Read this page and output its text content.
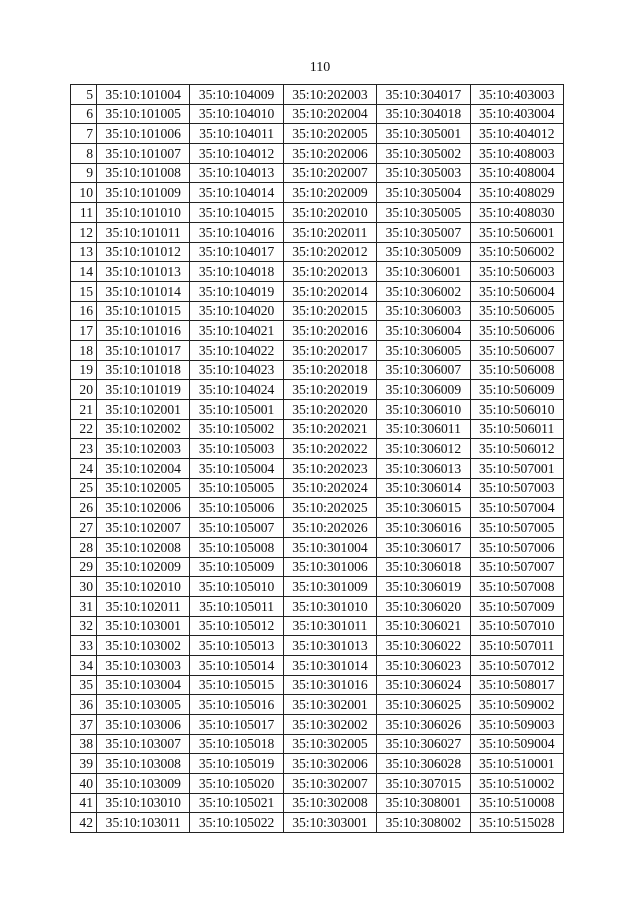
110
5	35:10:101004	35:10:104009	35:10:202003	35:10:304017	35:10:403003
6	35:10:101005	35:10:104010	35:10:202004	35:10:304018	35:10:403004
7	35:10:101006	35:10:104011	35:10:202005	35:10:305001	35:10:404012
8	35:10:101007	35:10:104012	35:10:202006	35:10:305002	35:10:408003
9	35:10:101008	35:10:104013	35:10:202007	35:10:305003	35:10:408004
10	35:10:101009	35:10:104014	35:10:202009	35:10:305004	35:10:408029
11	35:10:101010	35:10:104015	35:10:202010	35:10:305005	35:10:408030
12	35:10:101011	35:10:104016	35:10:202011	35:10:305007	35:10:506001
13	35:10:101012	35:10:104017	35:10:202012	35:10:305009	35:10:506002
14	35:10:101013	35:10:104018	35:10:202013	35:10:306001	35:10:506003
15	35:10:101014	35:10:104019	35:10:202014	35:10:306002	35:10:506004
16	35:10:101015	35:10:104020	35:10:202015	35:10:306003	35:10:506005
17	35:10:101016	35:10:104021	35:10:202016	35:10:306004	35:10:506006
18	35:10:101017	35:10:104022	35:10:202017	35:10:306005	35:10:506007
19	35:10:101018	35:10:104023	35:10:202018	35:10:306007	35:10:506008
20	35:10:101019	35:10:104024	35:10:202019	35:10:306009	35:10:506009
21	35:10:102001	35:10:105001	35:10:202020	35:10:306010	35:10:506010
22	35:10:102002	35:10:105002	35:10:202021	35:10:306011	35:10:506011
23	35:10:102003	35:10:105003	35:10:202022	35:10:306012	35:10:506012
24	35:10:102004	35:10:105004	35:10:202023	35:10:306013	35:10:507001
25	35:10:102005	35:10:105005	35:10:202024	35:10:306014	35:10:507003
26	35:10:102006	35:10:105006	35:10:202025	35:10:306015	35:10:507004
27	35:10:102007	35:10:105007	35:10:202026	35:10:306016	35:10:507005
28	35:10:102008	35:10:105008	35:10:301004	35:10:306017	35:10:507006
29	35:10:102009	35:10:105009	35:10:301006	35:10:306018	35:10:507007
30	35:10:102010	35:10:105010	35:10:301009	35:10:306019	35:10:507008
31	35:10:102011	35:10:105011	35:10:301010	35:10:306020	35:10:507009
32	35:10:103001	35:10:105012	35:10:301011	35:10:306021	35:10:507010
33	35:10:103002	35:10:105013	35:10:301013	35:10:306022	35:10:507011
34	35:10:103003	35:10:105014	35:10:301014	35:10:306023	35:10:507012
35	35:10:103004	35:10:105015	35:10:301016	35:10:306024	35:10:508017
36	35:10:103005	35:10:105016	35:10:302001	35:10:306025	35:10:509002
37	35:10:103006	35:10:105017	35:10:302002	35:10:306026	35:10:509003
38	35:10:103007	35:10:105018	35:10:302005	35:10:306027	35:10:509004
39	35:10:103008	35:10:105019	35:10:302006	35:10:306028	35:10:510001
40	35:10:103009	35:10:105020	35:10:302007	35:10:307015	35:10:510002
41	35:10:103010	35:10:105021	35:10:302008	35:10:308001	35:10:510008
42	35:10:103011	35:10:105022	35:10:303001	35:10:308002	35:10:515028
